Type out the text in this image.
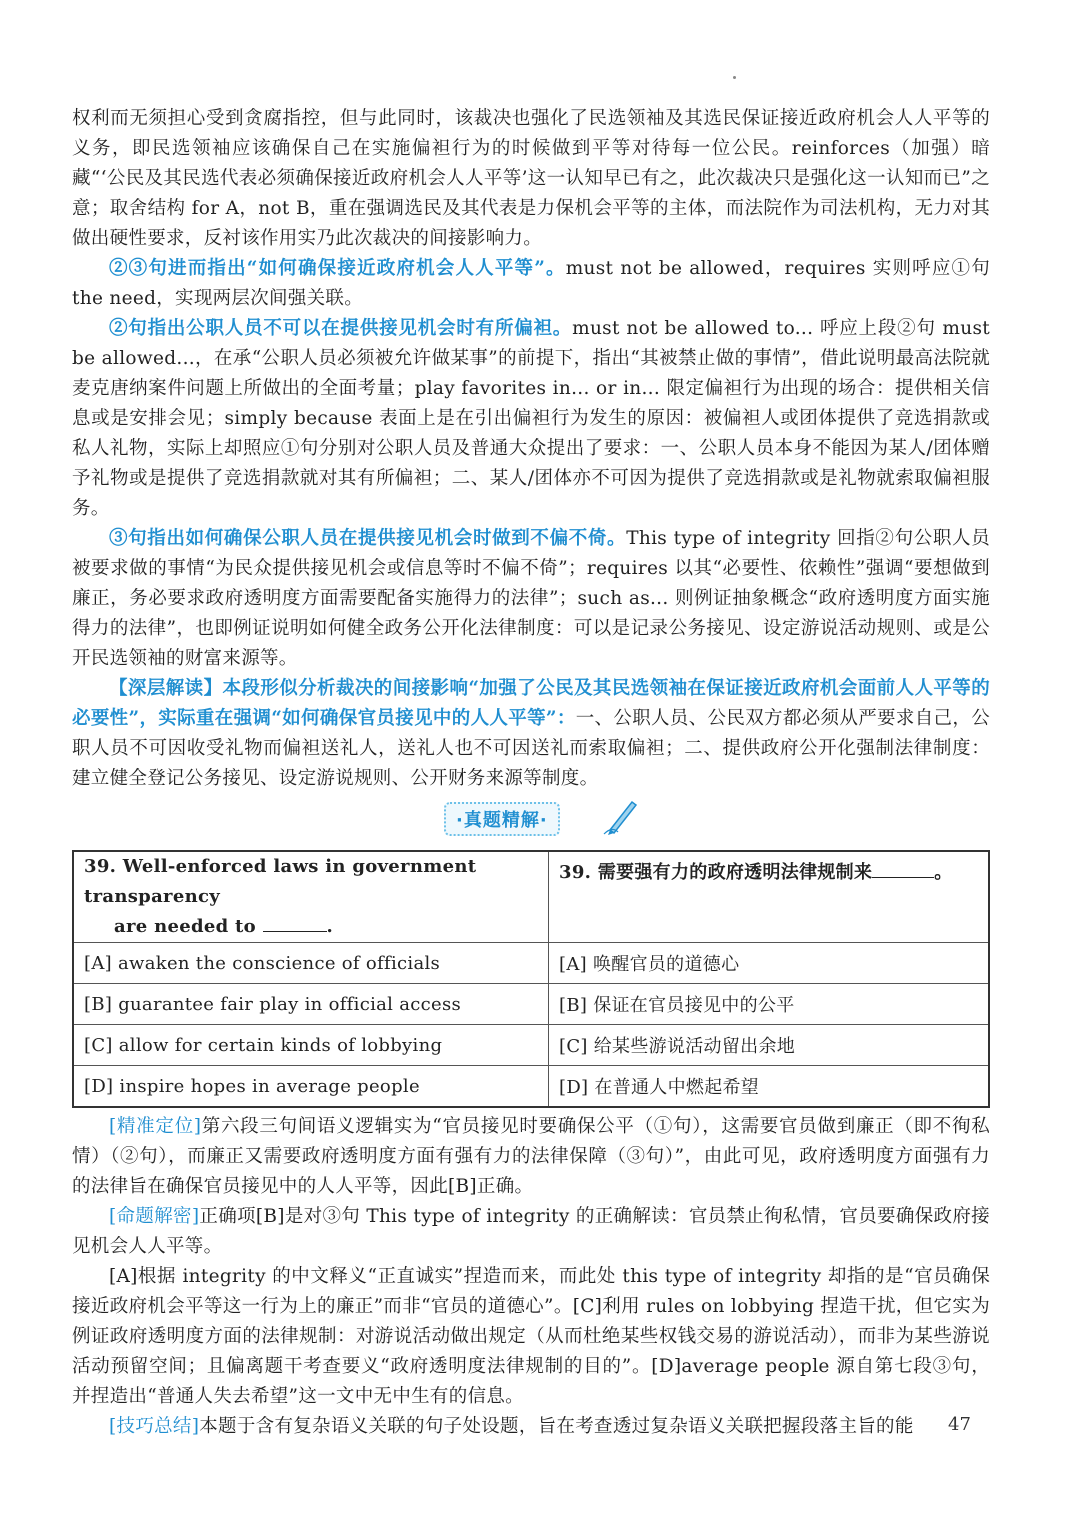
权利而无须担心受到贪腐指控，但与此同时，该裁决也强化了民选领袖及其选民保证接近政府机会人人平等的义务，即民选领袖应该确保自己在实施偏袒行为的时候做到平等对待每一位公民。reinforces（加强）暗藏“‘公民及其民选代表必须确保接近政府机会人人平等’这一认知早已有之，此次裁决只是强化这一认知而已”之意；取舍结构 for A，not B，重在强调选民及其代表是力保机会平等的主体，而法院作为司法机构，无力对其做出硬性要求，反衬该作用实乃此次裁决的间接影响力。

②③句进而指出“如何确保接近政府机会人人平等”。must not be allowed，requires 实则呼应①句 the need，实现两层次间强关联。

②句指出公职人员不可以在提供接见机会时有所偏袒。must not be allowed to... 呼应上段②句 must be allowed...，在承“公职人员必须被允许做某事”的前提下，指出“其被禁止做的事情”，借此说明最高法院就麦克唐纳案件问题上所做出的全面考量；play favorites in... or in... 限定偏袒行为出现的场合：提供相关信息或是安排会见；simply because 表面上是在引出偏袒行为发生的原因：被偏袒人或团体提供了竞选捐款或私人礼物，实际上却照应①句分别对公职人员及普通大众提出了要求：一、公职人员本身不能因为某人/团体赠予礼物或是提供了竞选捐款就对其有所偏袒；二、某人/团体亦不可因为提供了竞选捐款或是礼物就索取偏袒服务。

③句指出如何确保公职人员在提供接见机会时做到不偏不倚。This type of integrity 回指②句公职人员被要求做的事情“为民众提供接见机会或信息等时不偏不倚”；requires 以其“必要性、依赖性”强调“要想做到廉正，务必要求政府透明度方面需要配备实施得力的法律”；such as... 则例证抽象概念“政府透明度方面实施得力的法律”，也即例证说明如何健全政务公开化法律制度：可以是记录公务接见、设定游说活动规则、或是公开民选领袖的财富来源等。

【深层解读】本段形似分析裁决的间接影响“加强了公民及其民选领袖在保证接近政府机会面前人人平等的必要性”，实际重在强调“如何确保官员接见中的人人平等”：一、公职人员、公民双方都必须从严要求自己，公职人员不可因收受礼物而偏袒送礼人，送礼人也不可因送礼而索取偏袒；二、提供政府公开化强制法律制度：建立健全登记公务接见、设定游说规则、公开财务来源等制度。

·真题精解·
39. Well-enforced laws in government transparency
are needed to .	39. 需要强有力的政府透明法律规制来 。
[A] awaken the conscience of officials	[A] 唤醒官员的道德心
[B] guarantee fair play in official access	[B] 保证在官员接见中的公平
[C] allow for certain kinds of lobbying	[C] 给某些游说活动留出余地
[D] inspire hopes in average people	[D] 在普通人中燃起希望

[精准定位]第六段三句间语义逻辑实为“官员接见时要确保公平（①句），这需要官员做到廉正（即不徇私情）（②句），而廉正又需要政府透明度方面有强有力的法律保障（③句）”，由此可见，政府透明度方面强有力的法律旨在确保官员接见中的人人平等，因此[B]正确。

[命题解密]正确项[B]是对③句 This type of integrity 的正确解读：官员禁止徇私情，官员要确保政府接见机会人人平等。

[A]根据 integrity 的中文释义“正直诚实”捏造而来，而此处 this type of integrity 却指的是“官员确保接近政府机会平等这一行为上的廉正”而非“官员的道德心”。[C]利用 rules on lobbying 捏造干扰，但它实为例证政府透明度方面的法律规制：对游说活动做出规定（从而杜绝某些权钱交易的游说活动），而非为某些游说活动预留空间；且偏离题干考查要义“政府透明度法律规制的目的”。[D]average people 源自第七段③句，并捏造出“普通人失去希望”这一文中无中生有的信息。

[技巧总结]本题于含有复杂语义关联的句子处设题，旨在考查透过复杂语义关联把握段落主旨的能	47
